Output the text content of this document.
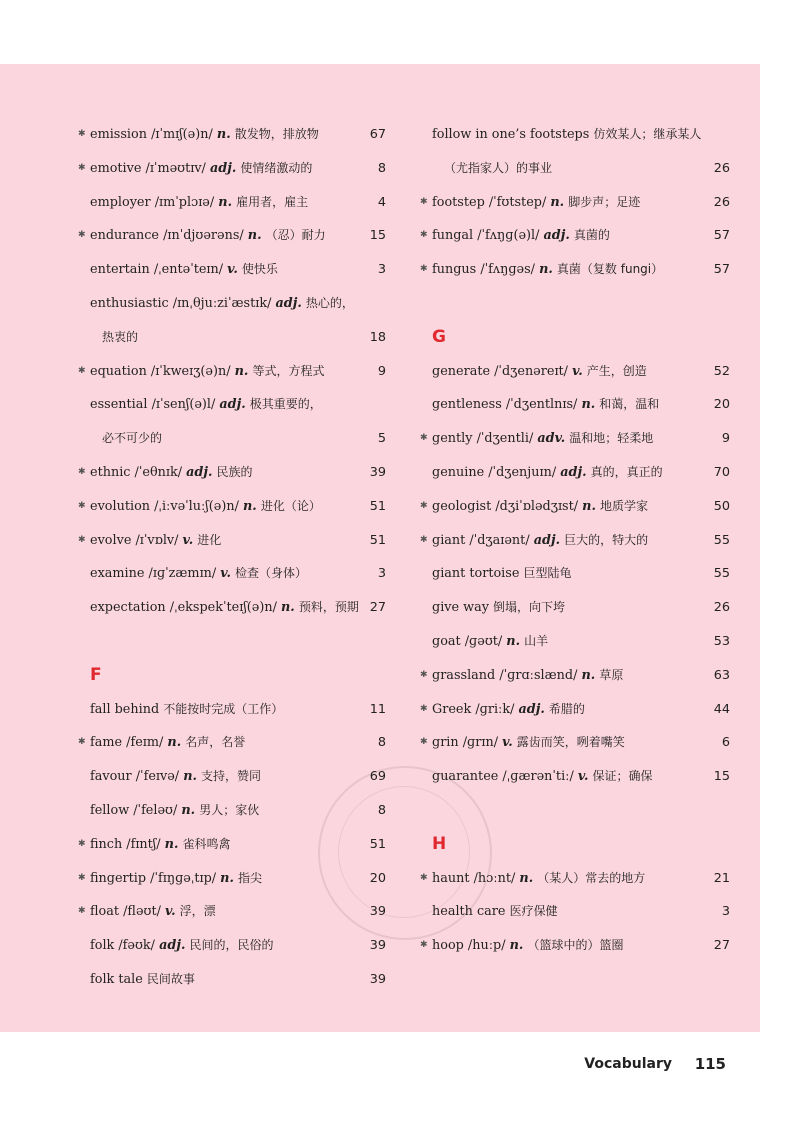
✱ emission /ɪˈmɪʃ(ə)n/ n. 散发物，排放物	67
✱ emotive /ɪˈməʊtɪv/ adj. 使情绪激动的	8
employer /ɪmˈplɔɪə/ n. 雇用者，雇主	4
✱ endurance /ɪnˈdjʊərəns/ n. （忍）耐力	15
entertain /ˌentəˈteɪn/ v. 使快乐	3
enthusiastic /ɪnˌθjuːziˈæstɪk/ adj. 热心的，
热衷的	18
✱ equation /ɪˈkweɪʒ(ə)n/ n. 等式，方程式	9
essential /ɪˈsenʃ(ə)l/ adj. 极其重要的，
必不可少的	5
✱ ethnic /ˈeθnɪk/ adj. 民族的	39
✱ evolution /ˌiːvəˈluːʃ(ə)n/ n. 进化（论）	51
✱ evolve /ɪˈvɒlv/ v. 进化	51
examine /ɪɡˈzæmɪn/ v. 检查（身体）	3
expectation /ˌekspekˈteɪʃ(ə)n/ n. 预料，预期 27
F
fall behind 不能按时完成（工作）	11
✱ fame /feɪm/ n. 名声，名誉	8
favour /ˈfeɪvə/ n. 支持，赞同	69
fellow /ˈfeləʊ/ n. 男人；家伙	8
✱ finch /fɪntʃ/ n. 雀科鸣禽	51
✱ fingertip /ˈfɪŋɡəˌtɪp/ n. 指尖	20
✱ float /fləʊt/ v. 浮，漂	39
folk /fəʊk/ adj. 民间的，民俗的	39
folk tale 民间故事	39
follow in one’s footsteps 仿效某人；继承某人
（尤指家人）的事业	26
✱ footstep /ˈfʊtstep/ n. 脚步声；足迹	26
✱ fungal /ˈfʌŋɡ(ə)l/ adj. 真菌的	57
✱ fungus /ˈfʌŋɡəs/ n. 真菌（复数 fungi）	57
G
generate /ˈdʒenəreɪt/ v. 产生，创造	52
gentleness /ˈdʒentlnɪs/ n. 和蔼，温和	20
✱ gently /ˈdʒentli/ adv. 温和地；轻柔地	9
genuine /ˈdʒenjuɪn/ adj. 真的，真正的	70
✱ geologist /dʒiˈɒlədʒɪst/ n. 地质学家	50
✱ giant /ˈdʒaɪənt/ adj. 巨大的，特大的	55
giant tortoise 巨型陆龟	55
give way 倒塌，向下垮	26
goat /ɡəʊt/ n. 山羊	53
✱ grassland /ˈɡrɑːslænd/ n. 草原	63
✱ Greek /ɡriːk/ adj. 希腊的	44
✱ grin /ɡrɪn/ v. 露齿而笑，咧着嘴笑	6
guarantee /ˌɡærənˈtiː/ v. 保证；确保	15
H
✱ haunt /hɔːnt/ n. （某人）常去的地方	21
health care 医疗保健	3
✱ hoop /huːp/ n. （篮球中的）篮圈	27
Vocabulary 115
